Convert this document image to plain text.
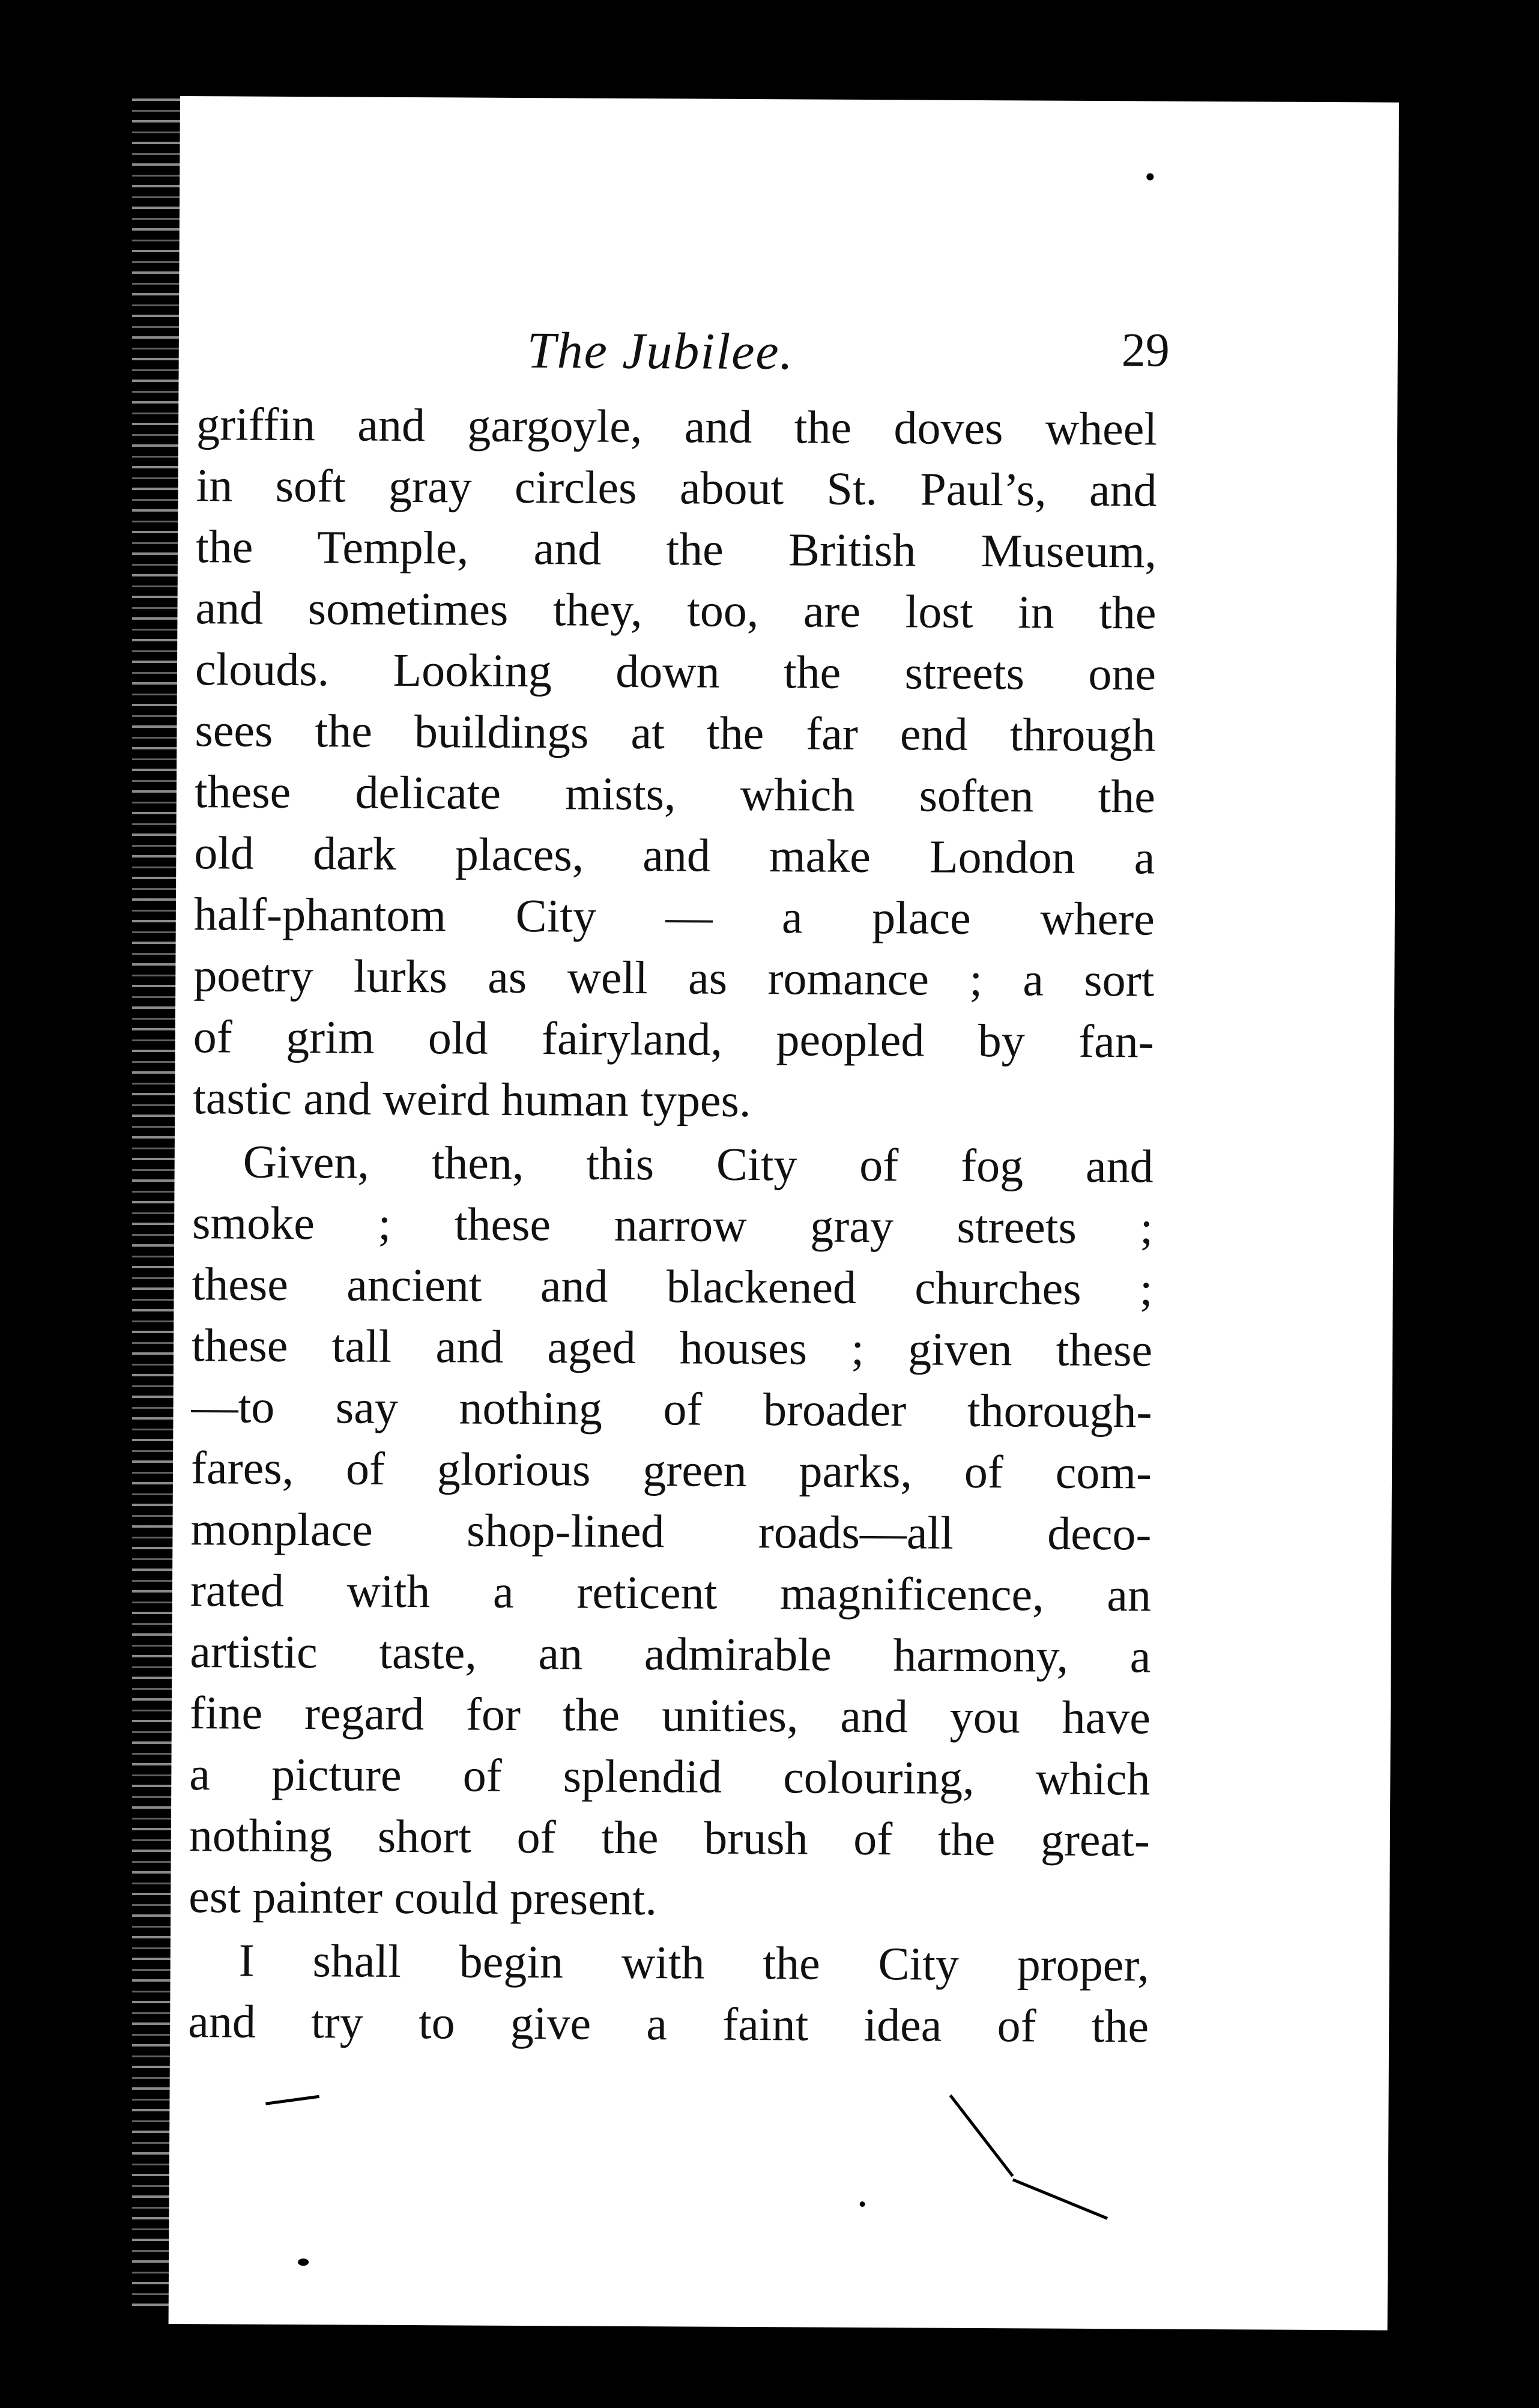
The Jubilee.	29
griffin and gargoyle, and the doves wheel
in soft gray circles about St. Paul’s, and
the Temple, and the British Museum,
and sometimes they, too, are lost in the
clouds. Looking down the streets one
sees the buildings at the far end through
these delicate mists, which soften the
old dark places, and make London a
half-phantom City — a place where
poetry lurks as well as romance ; a sort
of grim old fairyland, peopled by fan-
tastic and weird human types.
Given, then, this City of fog and
smoke ; these narrow gray streets ;
these ancient and blackened churches ;
these tall and aged houses ; given these
—to say nothing of broader thorough-
fares, of glorious green parks, of com-
monplace shop-lined roads—all deco-
rated with a reticent magnificence, an
artistic taste, an admirable harmony, a
fine regard for the unities, and you have
a picture of splendid colouring, which
nothing short of the brush of the great-
est painter could present.
I shall begin with the City proper,
and try to give a faint idea of the
